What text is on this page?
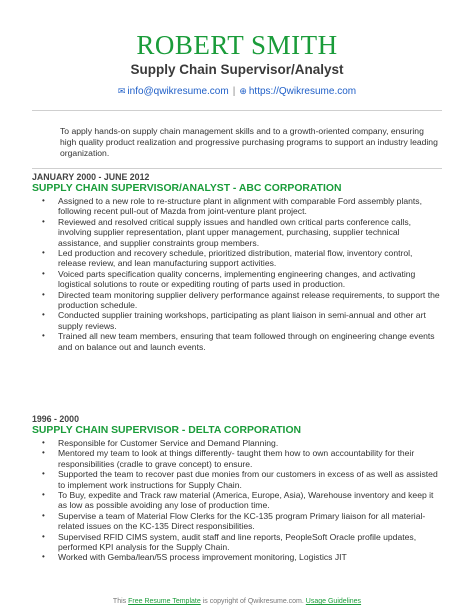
ROBERT SMITH
Supply Chain Supervisor/Analyst
✉ info@qwikresume.com | ⊕ https://Qwikresume.com
To apply hands-on supply chain management skills and to a growth-oriented company, ensuring high quality product realization and progressive purchasing programs to support an industry leading organization.
JANUARY 2000 - JUNE 2012
SUPPLY CHAIN SUPERVISOR/ANALYST - ABC CORPORATION
• Assigned to a new role to re-structure plant in alignment with comparable Ford assembly plants, following recent pull-out of Mazda from joint-venture plant project.
• Reviewed and resolved critical supply issues and handled own critical parts conference calls, involving supplier representation, plant upper management, purchasing, supplier technical assistance, and supplier constraints group members.
• Led production and recovery schedule, prioritized distribution, material flow, inventory control, release review, and lean manufacturing support activities.
• Voiced parts specification quality concerns, implementing engineering changes, and activating logistical solutions to route or expediting routing of parts used in production.
• Directed team monitoring supplier delivery performance against release requirements, to support the production schedule.
• Conducted supplier training workshops, participating as plant liaison in semi-annual and other art supply reviews.
• Trained all new team members, ensuring that team followed through on engineering change events and on balance out and launch events.
1996 - 2000
SUPPLY CHAIN SUPERVISOR - DELTA CORPORATION
• Responsible for Customer Service and Demand Planning.
• Mentored my team to look at things differently- taught them how to own accountability for their responsibilities (cradle to grave concept) to ensure.
• Supported the team to recover past due monies from our customers in excess of as well as assisted to implement work instructions for Supply Chain.
• To Buy, expedite and Track raw material (America, Europe, Asia), Warehouse inventory and keep it as low as possible avoiding any lose of production time.
• Supervise a team of Material Flow Clerks for the KC-135 program Primary liaison for all material-related issues on the KC-135 Direct responsibilities.
• Supervised RFID CIMS system, audit staff and line reports, PeopleSoft Oracle profile updates, performed KPI analysis for the Supply Chain.
• Worked with Gemba/lean/5S process improvement monitoring, Logistics JIT
This Free Resume Template is copyright of Qwikresume.com. Usage Guidelines
